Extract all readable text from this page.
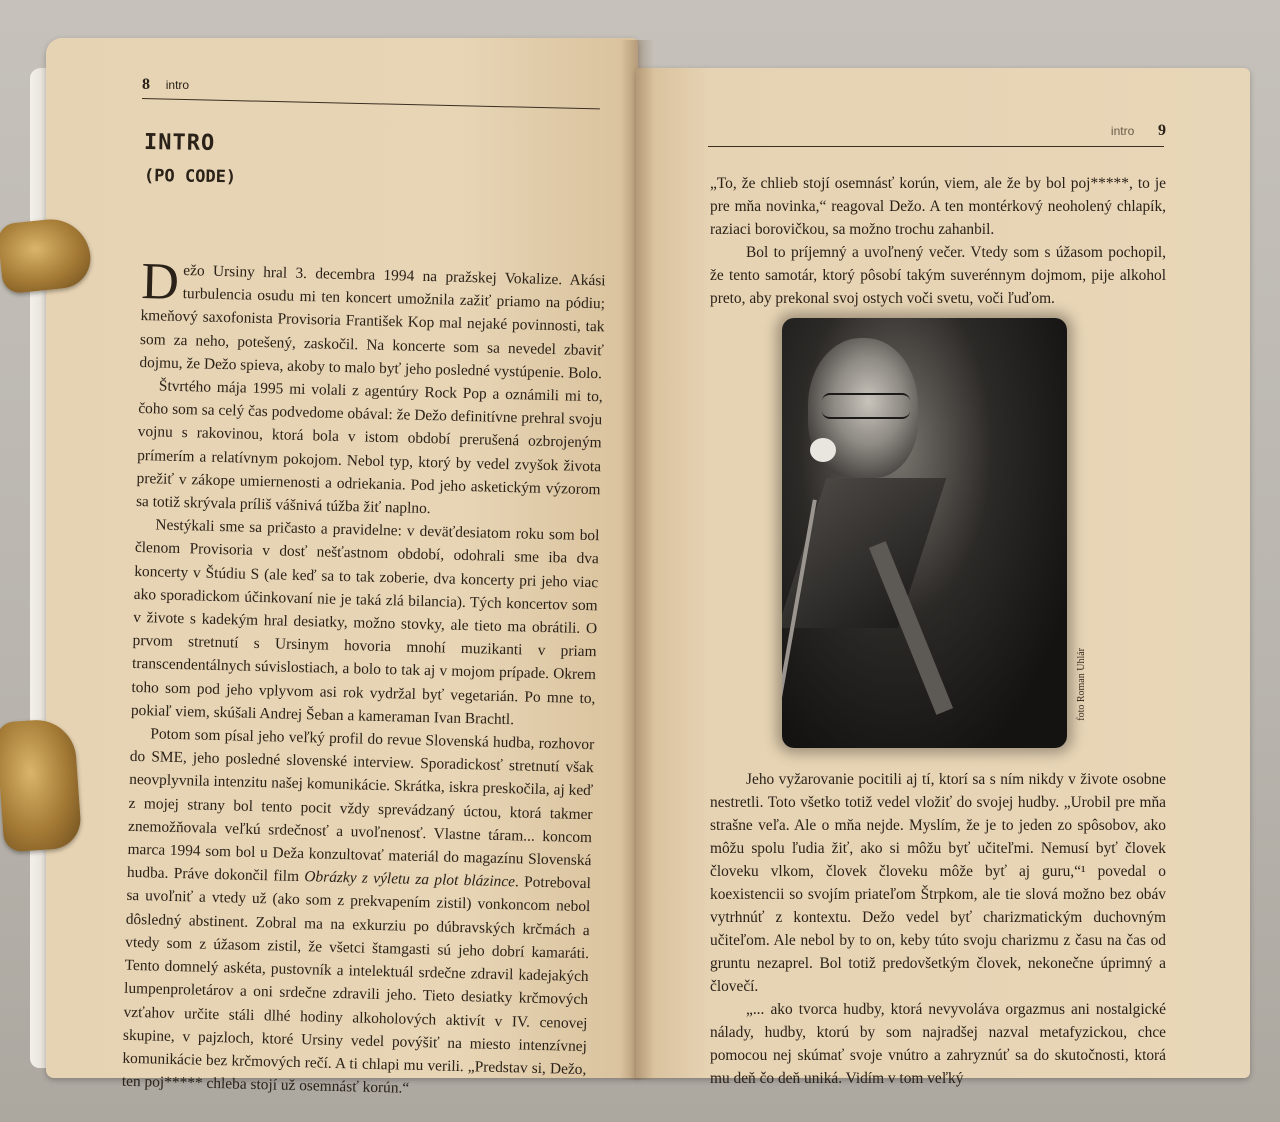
8 intro
INTRO
(PO CODE)

Dežo Ursiny hral 3. decembra 1994 na pražskej Vokalize. Akási turbulencia osudu mi ten koncert umožnila zažiť priamo na pódiu; kmeňový saxofonista Provisoria František Kop mal nejaké povinnosti, tak som za neho, potešený, zaskočil. Na koncerte som sa nevedel zbaviť dojmu, že Dežo spieva, akoby to malo byť jeho posledné vystúpenie. Bolo.

Štvrtého mája 1995 mi volali z agentúry Rock Pop a oznámili mi to, čoho som sa celý čas podvedome obával: že Dežo definitívne prehral svoju vojnu s rakovinou, ktorá bola v istom období prerušená ozbrojeným prímerím a relatívnym pokojom. Nebol typ, ktorý by vedel zvyšok života prežiť v zákope umiernenosti a odriekania. Pod jeho asketickým výzorom sa totiž skrývala príliš vášnivá túžba žiť naplno.

Nestýkali sme sa pričasto a pravidelne: v deväťdesiatom roku som bol členom Provisoria v dosť nešťastnom období, odohrali sme iba dva koncerty v Štúdiu S (ale keď sa to tak zoberie, dva koncerty pri jeho viac ako sporadickom účinkovaní nie je taká zlá bilancia). Tých koncertov som v živote s kadekým hral desiatky, možno stovky, ale tieto ma obrátili. O prvom stretnutí s Ursinym hovoria mnohí muzikanti v priam transcendentálnych súvislostiach, a bolo to tak aj v mojom prípade. Okrem toho som pod jeho vplyvom asi rok vydržal byť vegetarián. Po mne to, pokiaľ viem, skúšali Andrej Šeban a kameraman Ivan Brachtl.

Potom som písal jeho veľký profil do revue Slovenská hudba, rozhovor do SME, jeho posledné slovenské interview. Sporadickosť stretnutí však neovplyvnila intenzitu našej komunikácie. Skrátka, iskra preskočila, aj keď z mojej strany bol tento pocit vždy sprevádzaný úctou, ktorá takmer znemožňovala veľkú srdečnosť a uvoľnenosť. Vlastne táram... koncom marca 1994 som bol u Deža konzultovať materiál do magazínu Slovenská hudba. Práve dokončil film Obrázky z výletu za plot blázince. Potreboval sa uvoľniť a vtedy už (ako som z prekvapením zistil) vonkoncom nebol dôsledný abstinent. Zobral ma na exkurziu po dúbravských krčmách a vtedy som z úžasom zistil, že všetci štamgasti sú jeho dobrí kamaráti. Tento domnelý askéta, pustovník a intelektuál srdečne zdravil kadejakých lumpenproletárov a oni srdečne zdravili jeho. Tieto desiatky krčmových vzťahov určite stáli dlhé hodiny alkoholových aktivít v IV. cenovej skupine, v pajzloch, ktoré Ursiny vedel povýšiť na miesto intenzívnej komunikácie bez krčmových rečí. A ti chlapi mu verili. „Predstav si, Dežo, ten poj***** chleba stojí už osemnásť korún.“

intro 9

„To, že chlieb stojí osemnásť korún, viem, ale že by bol poj*****, to je pre mňa novinka,“ reagoval Dežo. A ten montérkový neoholený chlapík, raziaci borovičkou, sa možno trochu zahanbil.

Bol to príjemný a uvoľnený večer. Vtedy som s úžasom pochopil, že tento samotár, ktorý pôsobí takým suverénnym dojmom, pije alkohol preto, aby prekonal svoj ostych voči svetu, voči ľuďom.

foto Roman Uhlár

Jeho vyžarovanie pocitili aj tí, ktorí sa s ním nikdy v živote osobne nestretli. Toto všetko totiž vedel vložiť do svojej hudby. „Urobil pre mňa strašne veľa. Ale o mňa nejde. Myslím, že je to jeden zo spôsobov, ako môžu spolu ľudia žiť, ako si môžu byť učiteľmi. Nemusí byť človek človeku vlkom, človek človeku môže byť aj guru,“¹ povedal o koexistencii so svojím priateľom Štrpkom, ale tie slová možno bez obáv vytrhnúť z kontextu. Dežo vedel byť charizmatickým duchovným učiteľom. Ale nebol by to on, keby túto svoju charizmu z času na čas od gruntu nezaprel. Bol totiž predovšetkým človek, nekonečne úprimný a človečí.

„... ako tvorca hudby, ktorá nevyvoláva orgazmus ani nostalgické nálady, hudby, ktorú by som najradšej nazval metafyzickou, chce pomocou nej skúmať svoje vnútro a zahryznúť sa do skutočnosti, ktorá mu deň čo deň uniká. Vidím v tom veľký
